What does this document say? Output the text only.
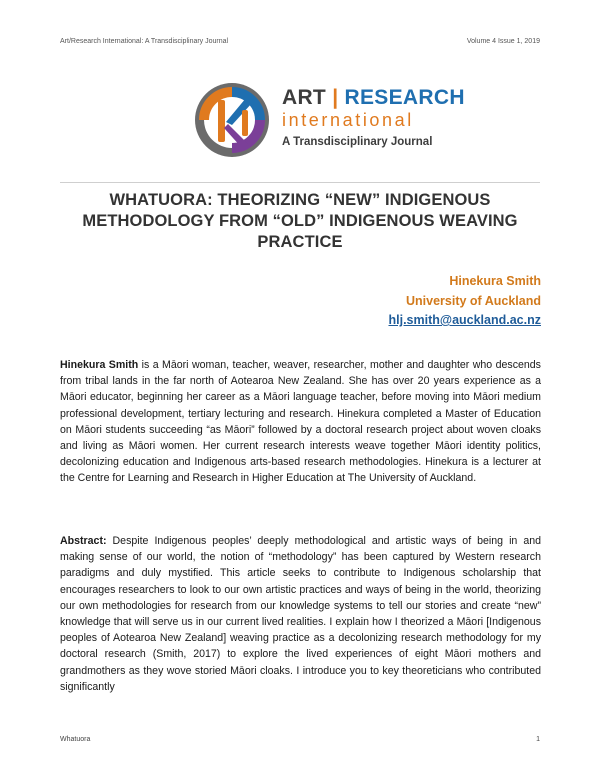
Art/Research International: A Transdisciplinary Journal	Volume 4 Issue 1, 2019
ART | RESEARCH
international
A Transdisciplinary Journal
WHATUORA: THEORIZING “NEW” INDIGENOUS METHODOLOGY FROM “OLD” INDIGENOUS WEAVING PRACTICE
Hinekura Smith
University of Auckland
hlj.smith@auckland.ac.nz
Hinekura Smith is a Māori woman, teacher, weaver, researcher, mother and daughter who descends from tribal lands in the far north of Aotearoa New Zealand. She has over 20 years experience as a Māori educator, beginning her career as a Māori language teacher, before moving into Māori medium professional development, tertiary lecturing and research. Hinekura completed a Master of Education on Māori students succeeding “as Māori” followed by a doctoral research project about woven cloaks and living as Māori women. Her current research interests weave together Māori identity politics, decolonizing education and Indigenous arts-based research methodologies. Hinekura is a lecturer at the Centre for Learning and Research in Higher Education at The University of Auckland.
Abstract: Despite Indigenous peoples’ deeply methodological and artistic ways of being in and making sense of our world, the notion of “methodology” has been captured by Western research paradigms and duly mystified. This article seeks to contribute to Indigenous scholarship that encourages researchers to look to our own artistic practices and ways of being in the world, theorizing our own methodologies for research from our knowledge systems to tell our stories and create “new” knowledge that will serve us in our current lived realities. I explain how I theorized a Māori [Indigenous peoples of Aotearoa New Zealand] weaving practice as a decolonizing research methodology for my doctoral research (Smith, 2017) to explore the lived experiences of eight Māori mothers and grandmothers as they wove storied Māori cloaks. I introduce you to key theoreticians who contributed significantly
Whatuora	1
